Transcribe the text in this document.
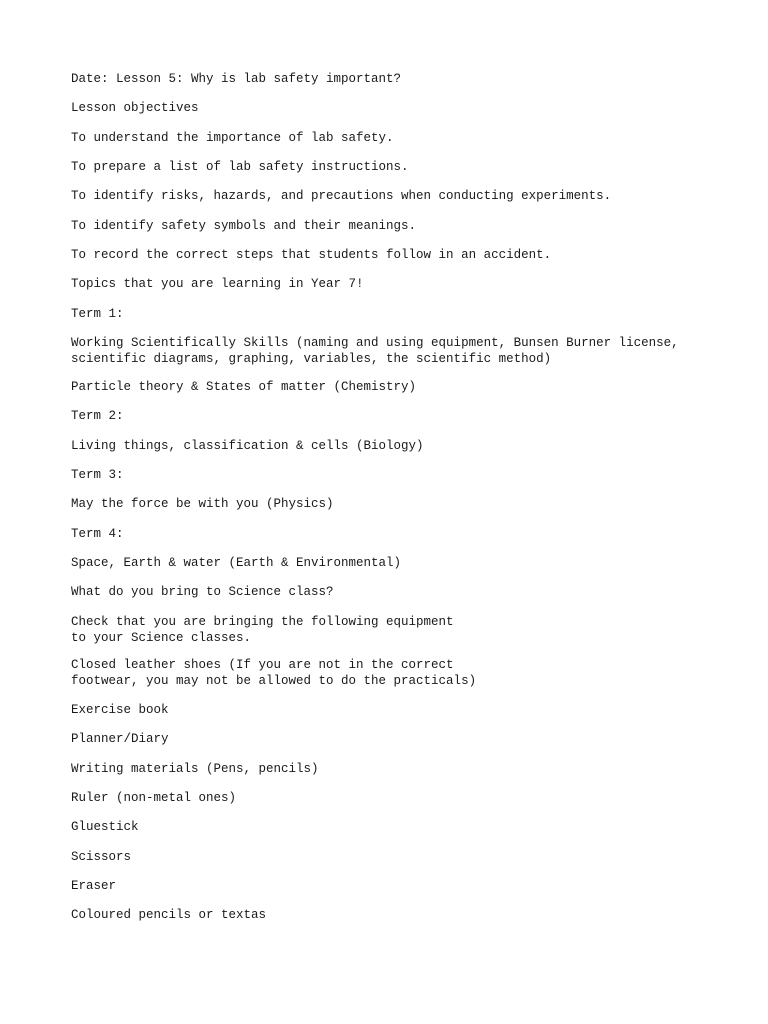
Date: Lesson 5: Why is lab safety important?

Lesson objectives

To understand the importance of lab safety.

To prepare a list of lab safety instructions.

To identify risks, hazards, and precautions when conducting experiments.

To identify safety symbols and their meanings.

To record the correct steps that students follow in an accident.

Topics that you are learning in Year 7!

Term 1:

Working Scientifically Skills (naming and using equipment, Bunsen Burner license,
scientific diagrams, graphing, variables, the scientific method)

Particle theory & States of matter (Chemistry)

Term 2:

Living things, classification & cells (Biology)

Term 3:

May the force be with you (Physics)

Term 4:

Space, Earth & water (Earth & Environmental)

What do you bring to Science class?

Check that you are bringing the following equipment
to your Science classes.

Closed leather shoes (If you are not in the correct
footwear, you may not be allowed to do the practicals)

Exercise book

Planner/Diary

Writing materials (Pens, pencils)

Ruler (non-metal ones)

Gluestick

Scissors

Eraser

Coloured pencils or textas
